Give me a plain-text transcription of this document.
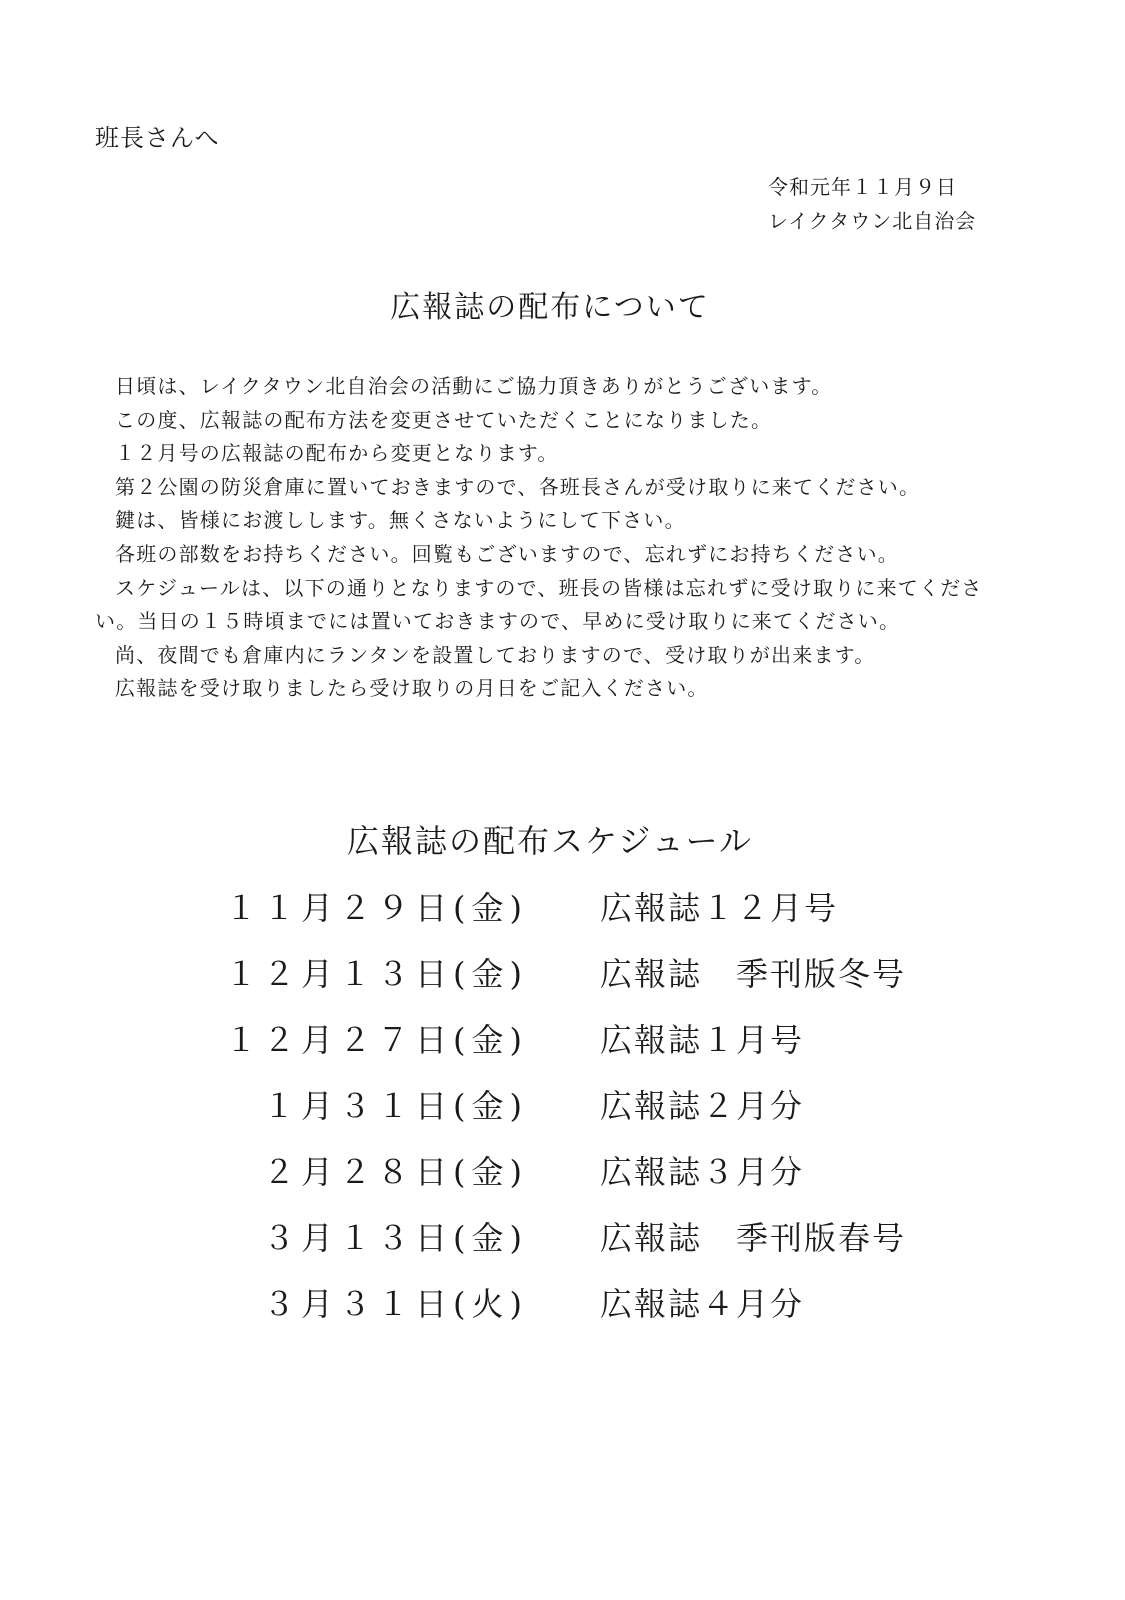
班長さんへ
令和元年１１月９日
レイクタウン北自治会
広報誌の配布について

日頃は、レイクタウン北自治会の活動にご協力頂きありがとうございます。

この度、広報誌の配布方法を変更させていただくことになりました。

１２月号の広報誌の配布から変更となります。

第２公園の防災倉庫に置いておきますので、各班長さんが受け取りに来てください。

鍵は、皆様にお渡しします。無くさないようにして下さい。

各班の部数をお持ちください。回覧もございますので、忘れずにお持ちください。

スケジュールは、以下の通りとなりますので、班長の皆様は忘れずに受け取りに来てください。当日の１５時頃までには置いておきますので、早めに受け取りに来てください。

尚、夜間でも倉庫内にランタンを設置しておりますので、受け取りが出来ます。

広報誌を受け取りましたら受け取りの月日をご記入ください。

広報誌の配布スケジュール
１１月２９日(金) 広報誌１２月号
１２月１３日(金) 広報誌　季刊版冬号
１２月２７日(金) 広報誌１月号
１月３１日(金) 広報誌２月分
２月２８日(金) 広報誌３月分
３月１３日(金) 広報誌　季刊版春号
３月３１日(火) 広報誌４月分
